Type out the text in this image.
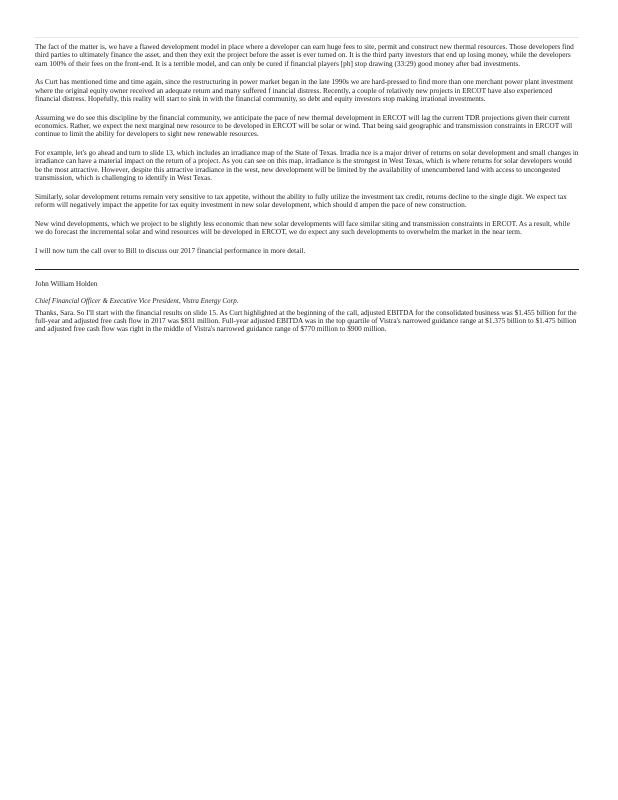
The fact of the matter is, we have a flawed development model in place where a developer can earn huge fees to site, permit and construct new thermal resources. Those developers find third parties to ultimately finance the asset, and then they exit the project before the asset is ever turned on. It is the third party investors that end up losing money, while the developers earn 100% of their fees on the front-end. It is a terrible model, and can only be cured if financial players [ph] stop drawing (33:29) good money after bad investments.

As Curt has mentioned time and time again, since the restructuring in power market began in the late 1990s we are hard-pressed to find more than one merchant power plant investment where the original equity owner received an adequate return and many suffered f inancial distress. Recently, a couple of relatively new projects in ERCOT have also experienced financial distress. Hopefully, this reality will start to sink in with the financial community, so debt and equity investors stop making irrational investments.

Assuming we do see this discipline by the financial community, we anticipate the pace of new thermal development in ERCOT will lag the current TDR projections given their current economics. Rather, we expect the next marginal new resource to be developed in ERCOT will be solar or wind. That being said geographic and transmission constraints in ERCOT will continue to limit the ability for developers to sight new renewable resources.

For example, let's go ahead and turn to slide 13, which includes an irradiance map of the State of Texas. Irradia nce is a major driver of returns on solar development and small changes in irradiance can have a material impact on the return of a project. As you can see on this map, irradiance is the strongest in West Texas, which is where returns for solar developers would be the most attractive. However, despite this attractive irradiance in the west, new development will be limited by the availability of unencumbered land with access to uncongested transmission, which is challenging to identify in West Texas.

Similarly, solar development returns remain very sensitive to tax appetite, without the ability to fully utilize the investment tax credit, returns decline to the single digit. We expect tax reform will negatively impact the appetite for tax equity investment in new solar development, which should d ampen the pace of new construction.

New wind developments, which we project to be slightly less economic than new solar developments will face similar siting and transmission constraints in ERCOT. As a result, while we do forecast the incremental solar and wind resources will be developed in ERCOT, we do expect any such developments to overwhelm the market in the near term.

I will now turn the call over to Bill to discuss our 2017 financial performance in more detail.

John William Holden
Chief Financial Officer & Executive Vice President, Vistra Energy Corp.

Thanks, Sara. So I'll start with the financial results on slide 15. As Curt highlighted at the beginning of the call, adjusted EBITDA for the consolidated business was $1.455 billion for the full-year and adjusted free cash flow in 2017 was $831 million. Full-year adjusted EBITDA was in the top quartile of Vistra's narrowed guidance range at $1.375 billion to $1.475 billion and adjusted free cash flow was right in the middle of Vistra's narrowed guidance range of $770 million to $900 million.
